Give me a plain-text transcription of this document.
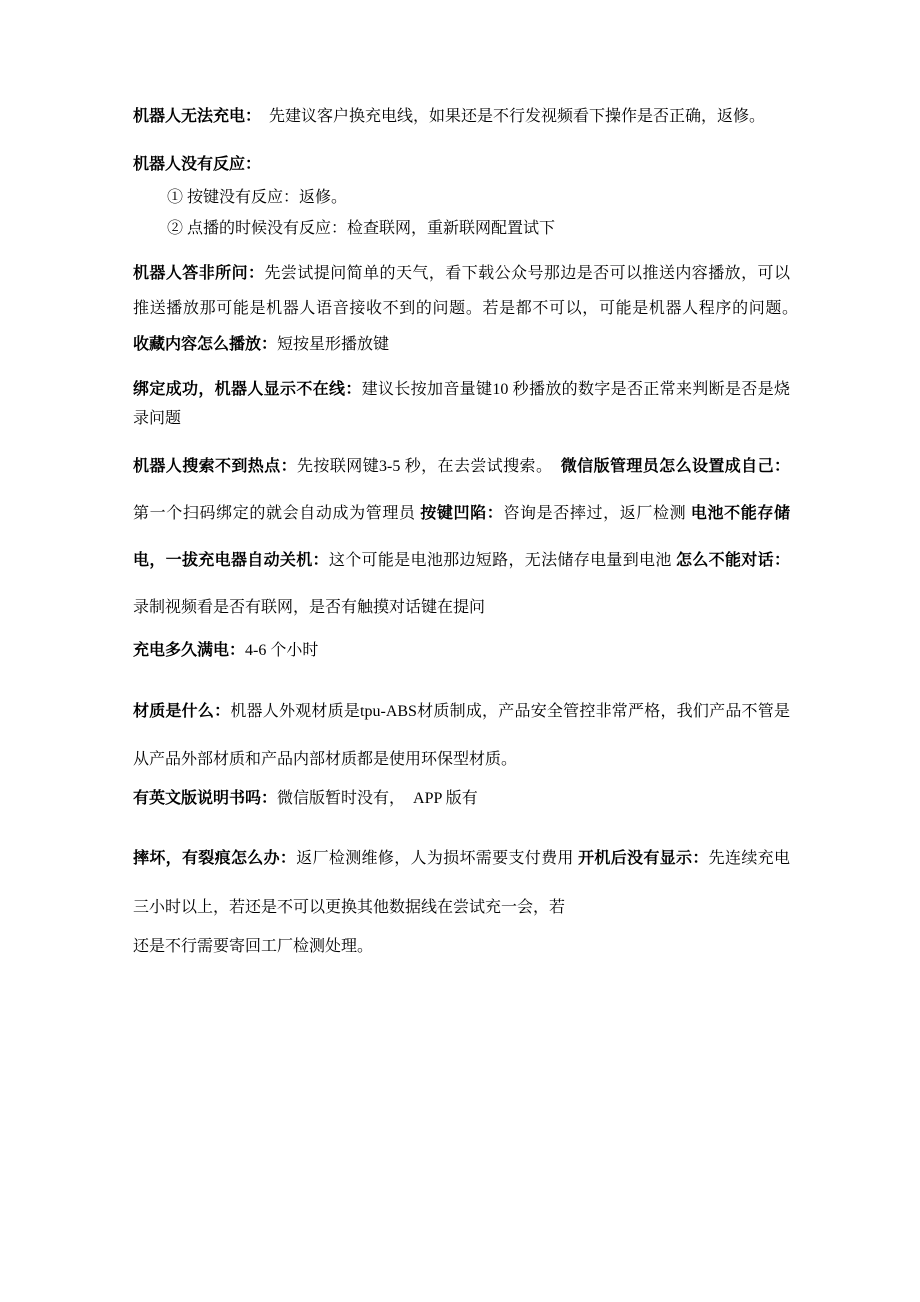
机器人无法充电：　先建议客户换充电线，如果还是不行发视频看下操作是否正确，返修。

机器人没有反应：

① 按键没有反应：返修。

② 点播的时候没有反应：检查联网，重新联网配置试下

机器人答非所问：先尝试提问简单的天气，看下载公众号那边是否可以推送内容播放，可以 推送播放那可能是机器人语音接收不到的问题。若是都不可以，可能是机器人程序的问题。　收藏内容怎么播放：短按星形播放键

绑定成功，机器人显示不在线：建议长按加音量键10 秒播放的数字是否正常来判断是否是烧录问题

机器人搜索不到热点：先按联网键3-5 秒，在去尝试搜索。　微信版管理员怎么设置成自己：第一个扫码绑定的就会自动成为管理员 按键凹陷：咨询是否摔过，返厂检测 电池不能存储电，一拔充电器自动关机：这个可能是电池那边短路，无法储存电量到电池 怎么不能对话：录制视频看是否有联网，是否有触摸对话键在提问

充电多久满电：4-6 个小时

材质是什么：机器人外观材质是tpu-ABS材质制成，产品安全管控非常严格，我们产品不管是从产品外部材质和产品内部材质都是使用环保型材质。

有英文版说明书吗：微信版暂时没有，　APP 版有

摔坏，有裂痕怎么办：返厂检测维修，人为损坏需要支付费用 开机后没有显示：先连续充电三小时以上，若还是不可以更换其他数据线在尝试充一会，若
还是不行需要寄回工厂检测处理。
